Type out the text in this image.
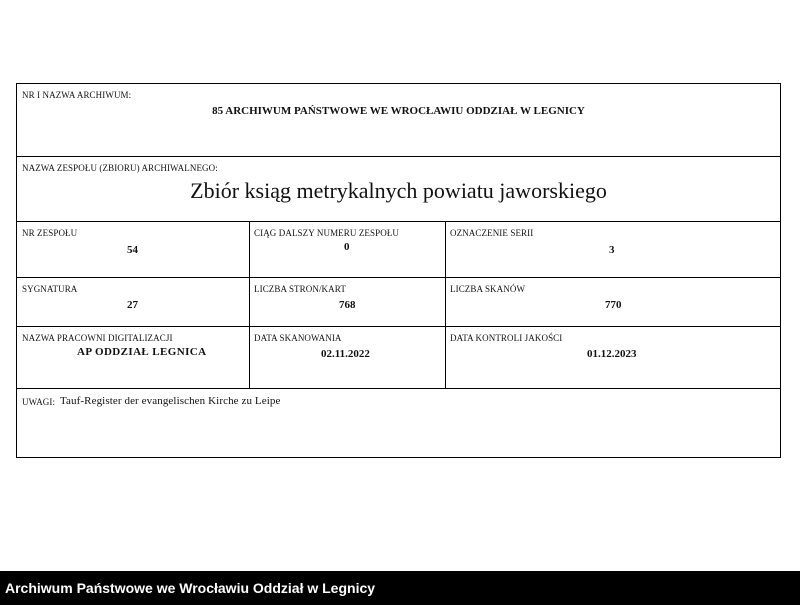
NR I NAZWA ARCHIWUM:
85 ARCHIWUM PAŃSTWOWE WE WROCŁAWIU ODDZIAŁ W LEGNICY
NAZWA ZESPOŁU (ZBIORU) ARCHIWALNEGO:
Zbiór ksiąg metrykalnych powiatu jaworskiego
NR ZESPOŁU
54
CIĄG DALSZY NUMERU ZESPOŁU
0
OZNACZENIE SERII
3
SYGNATURA
27
LICZBA STRON/KART
768
LICZBA SKANÓW
770
NAZWA PRACOWNI DIGITALIZACJI
AP ODDZIAŁ LEGNICA
DATA SKANOWANIA
02.11.2022
DATA KONTROLI JAKOŚCI
01.12.2023
UWAGI: Tauf-Register der evangelischen Kirche zu Leipe
Archiwum Państwowe we Wrocławiu Oddział w Legnicy
